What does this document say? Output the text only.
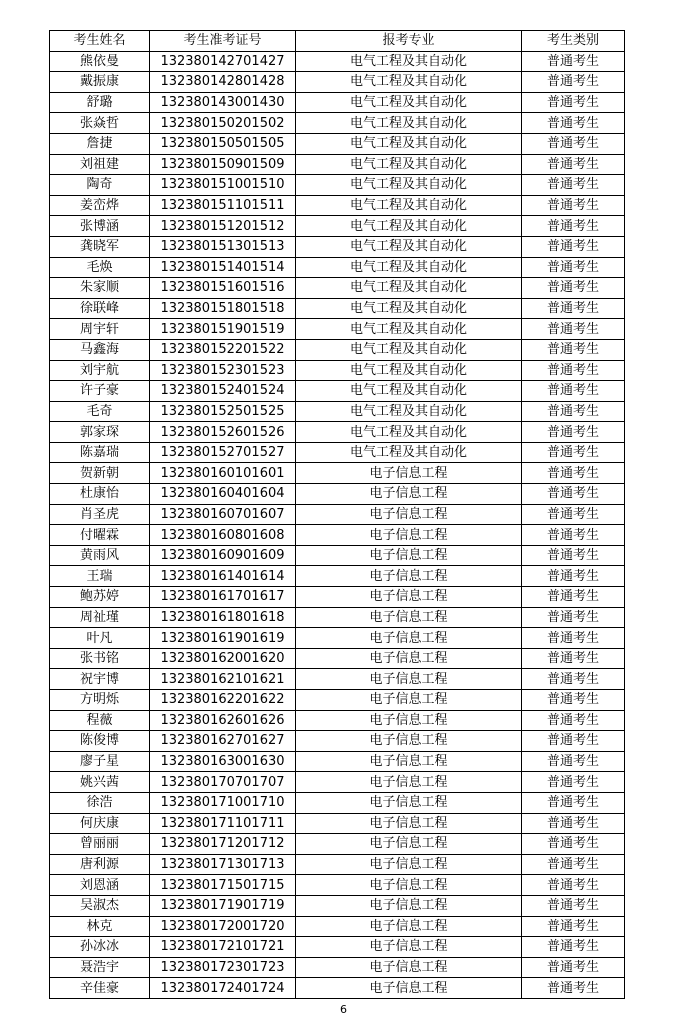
考生姓名	考生准考证号	报考专业	考生类别
熊依曼	132380142701427	电气工程及其自动化	普通考生
戴振康	132380142801428	电气工程及其自动化	普通考生
舒璐	132380143001430	电气工程及其自动化	普通考生
张焱哲	132380150201502	电气工程及其自动化	普通考生
詹捷	132380150501505	电气工程及其自动化	普通考生
刘祖建	132380150901509	电气工程及其自动化	普通考生
陶奇	132380151001510	电气工程及其自动化	普通考生
姜峦烨	132380151101511	电气工程及其自动化	普通考生
张博涵	132380151201512	电气工程及其自动化	普通考生
龚晓军	132380151301513	电气工程及其自动化	普通考生
毛焕	132380151401514	电气工程及其自动化	普通考生
朱家顺	132380151601516	电气工程及其自动化	普通考生
徐联峰	132380151801518	电气工程及其自动化	普通考生
周宇轩	132380151901519	电气工程及其自动化	普通考生
马鑫海	132380152201522	电气工程及其自动化	普通考生
刘宇航	132380152301523	电气工程及其自动化	普通考生
许子豪	132380152401524	电气工程及其自动化	普通考生
毛奇	132380152501525	电气工程及其自动化	普通考生
郭家琛	132380152601526	电气工程及其自动化	普通考生
陈嘉瑞	132380152701527	电气工程及其自动化	普通考生
贺新朝	132380160101601	电子信息工程	普通考生
杜康怡	132380160401604	电子信息工程	普通考生
肖圣虎	132380160701607	电子信息工程	普通考生
付曜霖	132380160801608	电子信息工程	普通考生
黄雨风	132380160901609	电子信息工程	普通考生
王瑞	132380161401614	电子信息工程	普通考生
鲍苏婷	132380161701617	电子信息工程	普通考生
周祉瑾	132380161801618	电子信息工程	普通考生
叶凡	132380161901619	电子信息工程	普通考生
张书铭	132380162001620	电子信息工程	普通考生
祝宇博	132380162101621	电子信息工程	普通考生
方明烁	132380162201622	电子信息工程	普通考生
程薇	132380162601626	电子信息工程	普通考生
陈俊博	132380162701627	电子信息工程	普通考生
廖子星	132380163001630	电子信息工程	普通考生
姚兴茜	132380170701707	电子信息工程	普通考生
徐浩	132380171001710	电子信息工程	普通考生
何庆康	132380171101711	电子信息工程	普通考生
曾丽丽	132380171201712	电子信息工程	普通考生
唐利源	132380171301713	电子信息工程	普通考生
刘恩涵	132380171501715	电子信息工程	普通考生
吴淑杰	132380171901719	电子信息工程	普通考生
林克	132380172001720	电子信息工程	普通考生
孙冰冰	132380172101721	电子信息工程	普通考生
聂浩宇	132380172301723	电子信息工程	普通考生
辛佳豪	132380172401724	电子信息工程	普通考生
6
